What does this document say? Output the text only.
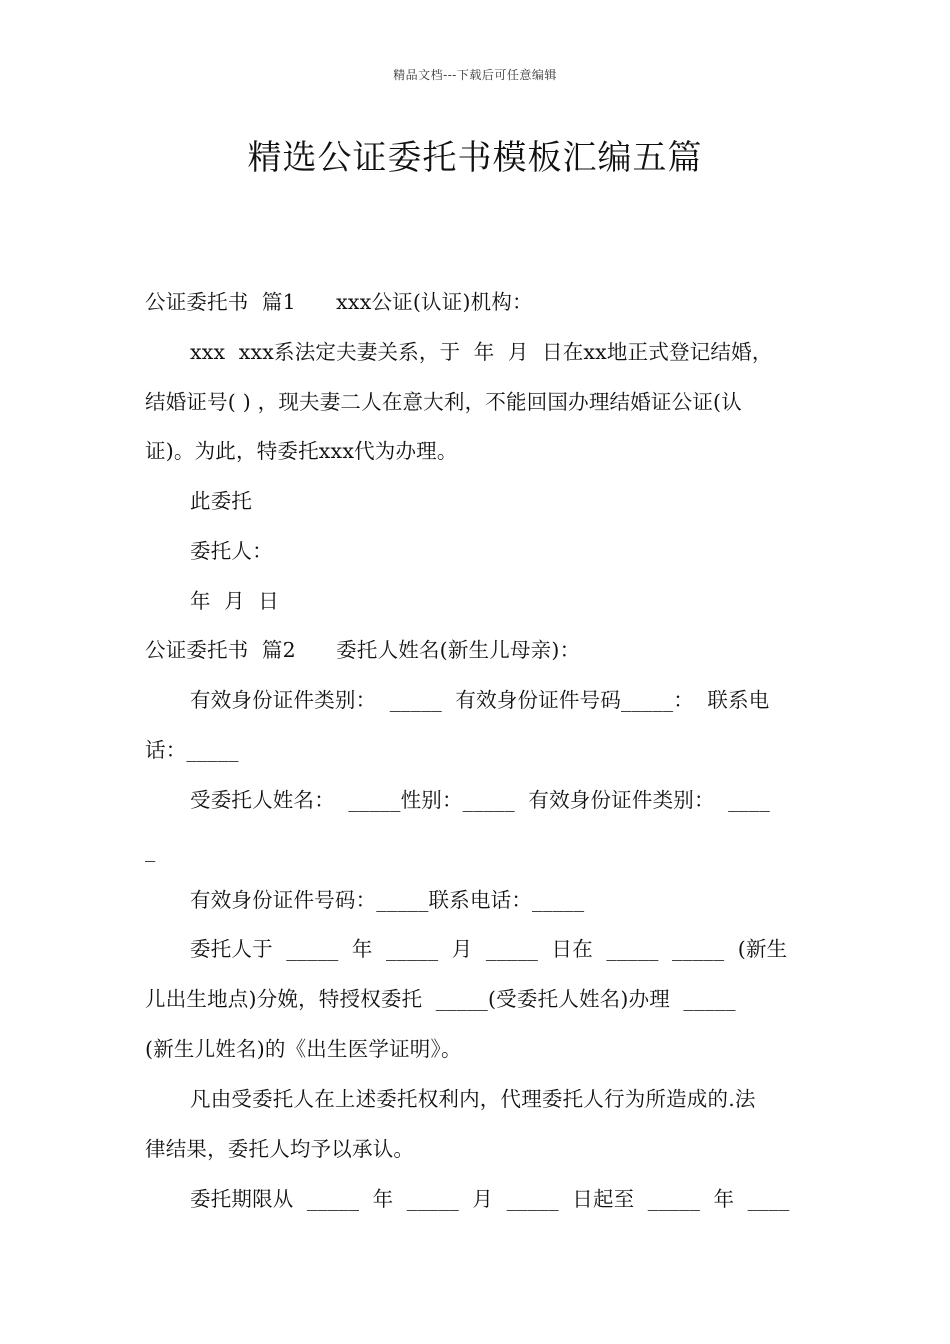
精品文档---下载后可任意编辑
精选公证委托书模板汇编五篇
公证委托书  篇1      xxx公证(认证)机构：
xxx  xxx系法定夫妻关系，于  年  月  日在xx地正式登记结婚，
结婚证号( ) ，现夫妻二人在意大利，不能回国办理结婚证公证(认
证)。为此，特委托xxx代为办理。
此委托
委托人：
年  月  日
公证委托书  篇2      委托人姓名(新生儿母亲)：
有效身份证件类别：  _____  有效身份证件号码_____：  联系电
话：_____
受委托人姓名：  _____性别：_____  有效身份证件类别：  ____
_
有效身份证件号码：_____联系电话：_____
委托人于  _____  年  _____  月  _____  日在  _____  _____  (新生
儿出生地点)分娩，特授权委托  _____(受委托人姓名)办理  _____
(新生儿姓名)的《出生医学证明》。
凡由受委托人在上述委托权利内，代理委托人行为所造成的.法
律结果，委托人均予以承认。
委托期限从  _____  年  _____  月  _____  日起至  _____  年  ____
